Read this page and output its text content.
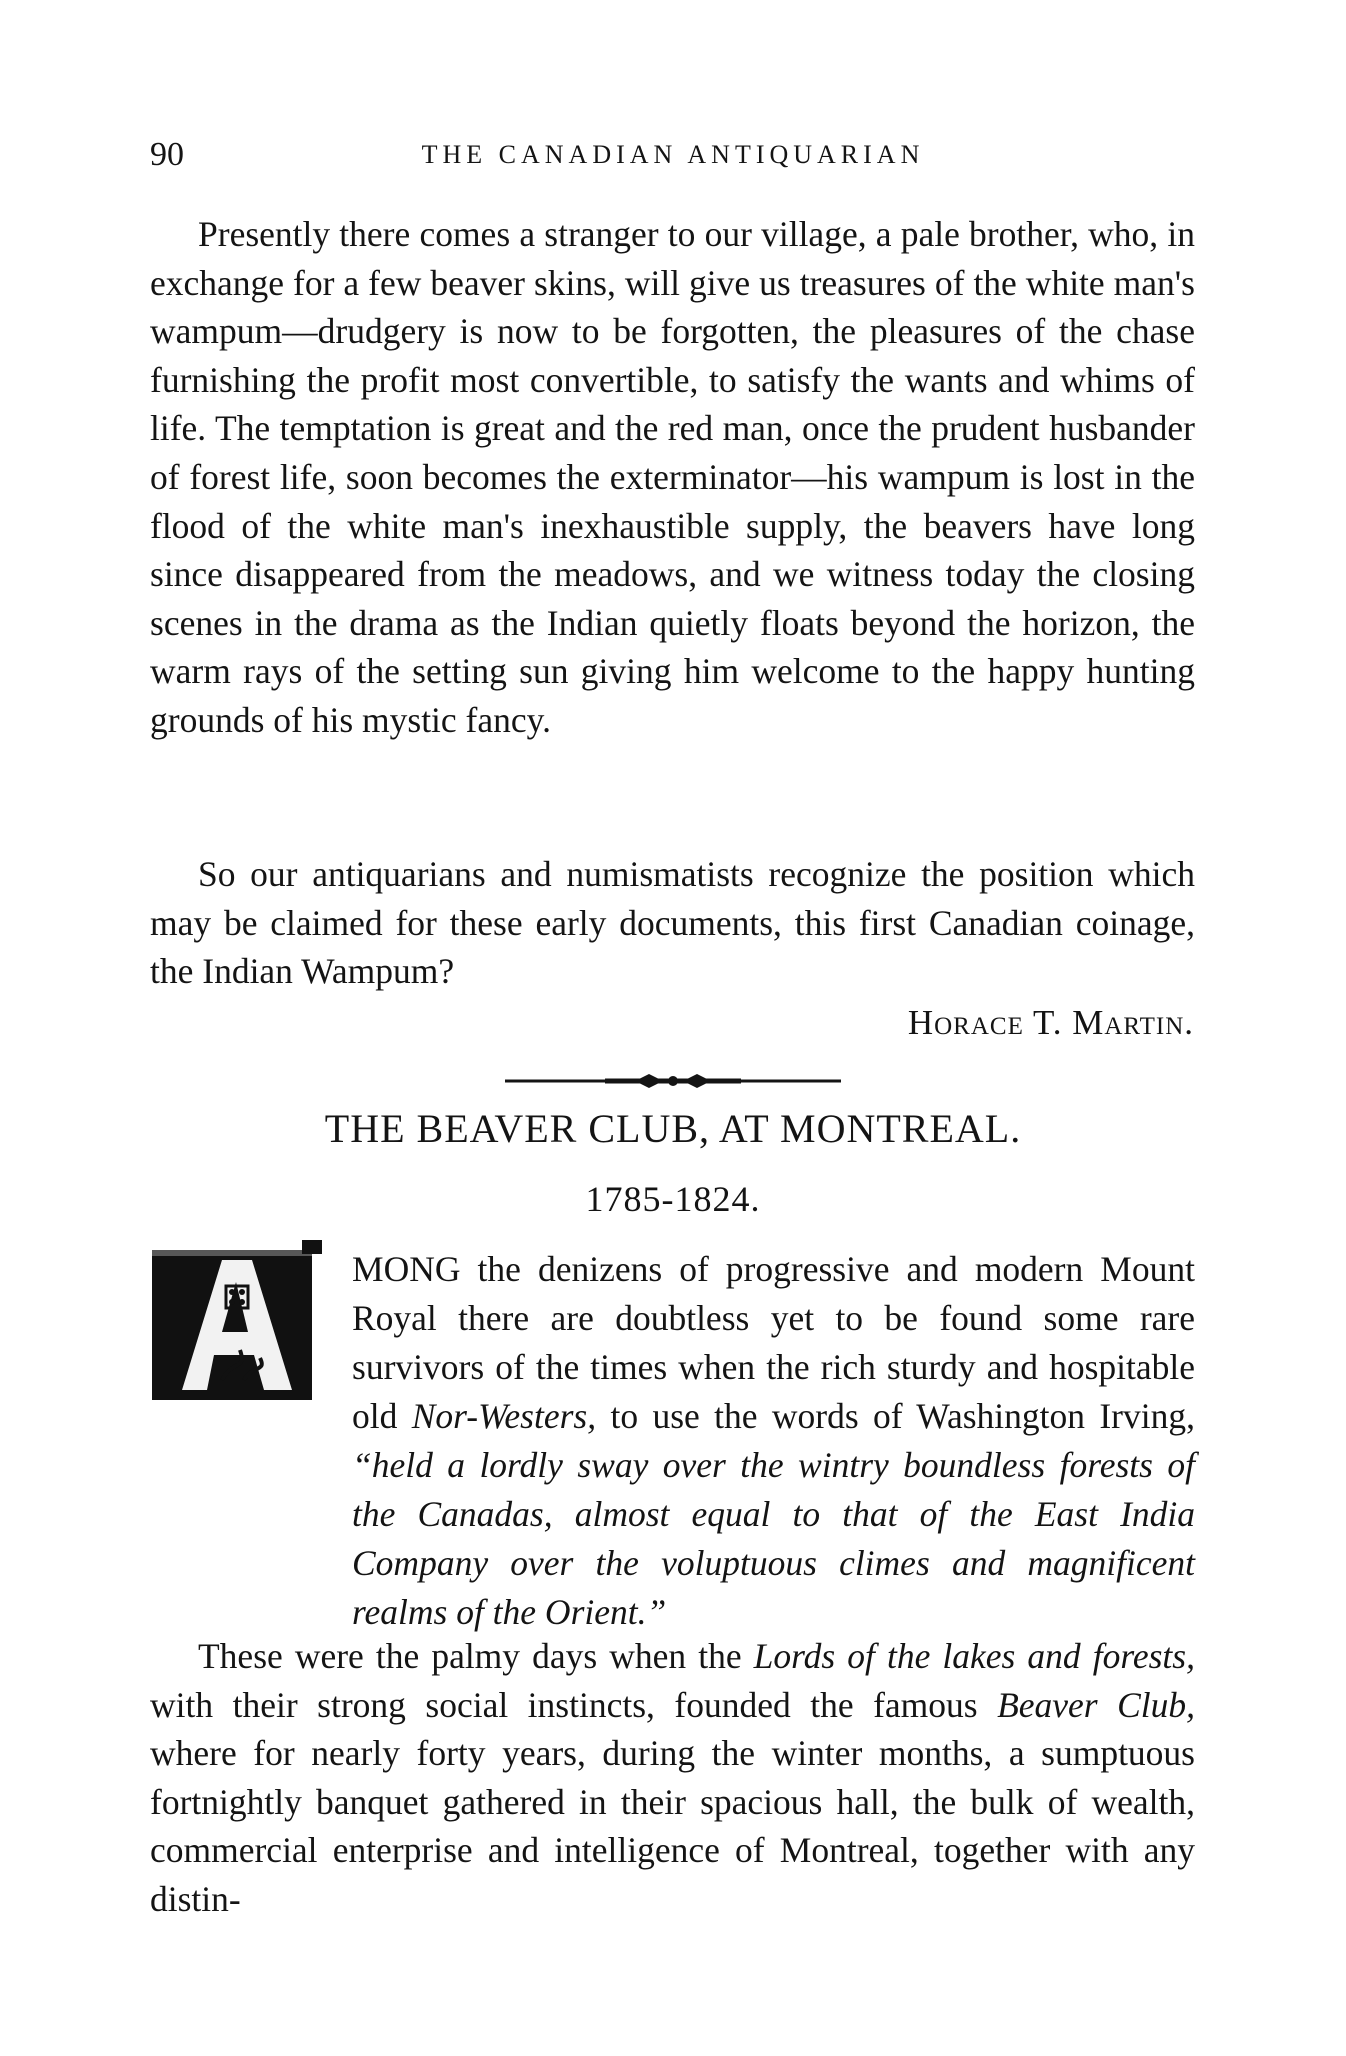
90	THE CANADIAN ANTIQUARIAN

Presently there comes a stranger to our village, a pale brother, who, in exchange for a few beaver skins, will give us treasures of the white man's wampum—drudgery is now to be forgotten, the pleasures of the chase furnishing the profit most convertible, to satisfy the wants and whims of life. The temptation is great and the red man, once the prudent husbander of forest life, soon becomes the exterminator—his wampum is lost in the flood of the white man's inexhaustible supply, the beavers have long since disappeared from the meadows, and we witness today the closing scenes in the drama as the Indian quietly floats beyond the horizon, the warm rays of the setting sun giving him welcome to the happy hunting grounds of his mystic fancy.

So our antiquarians and numismatists recognize the position which may be claimed for these early documents, this first Canadian coinage, the Indian Wampum?

Horace T. Martin.
THE BEAVER CLUB, AT MONTREAL.
1785-1824.

MONG the denizens of progressive and modern Mount Royal there are doubtless yet to be found some rare survivors of the times when the rich sturdy and hospitable old Nor-Westers, to use the words of Washington Irving, “held a lordly sway over the wintry boundless forests of the Canadas, almost equal to that of the East India Company over the voluptuous climes and magnificent realms of the Orient.”

These were the palmy days when the Lords of the lakes and forests, with their strong social instincts, founded the famous Beaver Club, where for nearly forty years, during the winter months, a sumptuous fortnightly banquet gathered in their spacious hall, the bulk of wealth, commercial enterprise and intelligence of Montreal, together with any distin-
